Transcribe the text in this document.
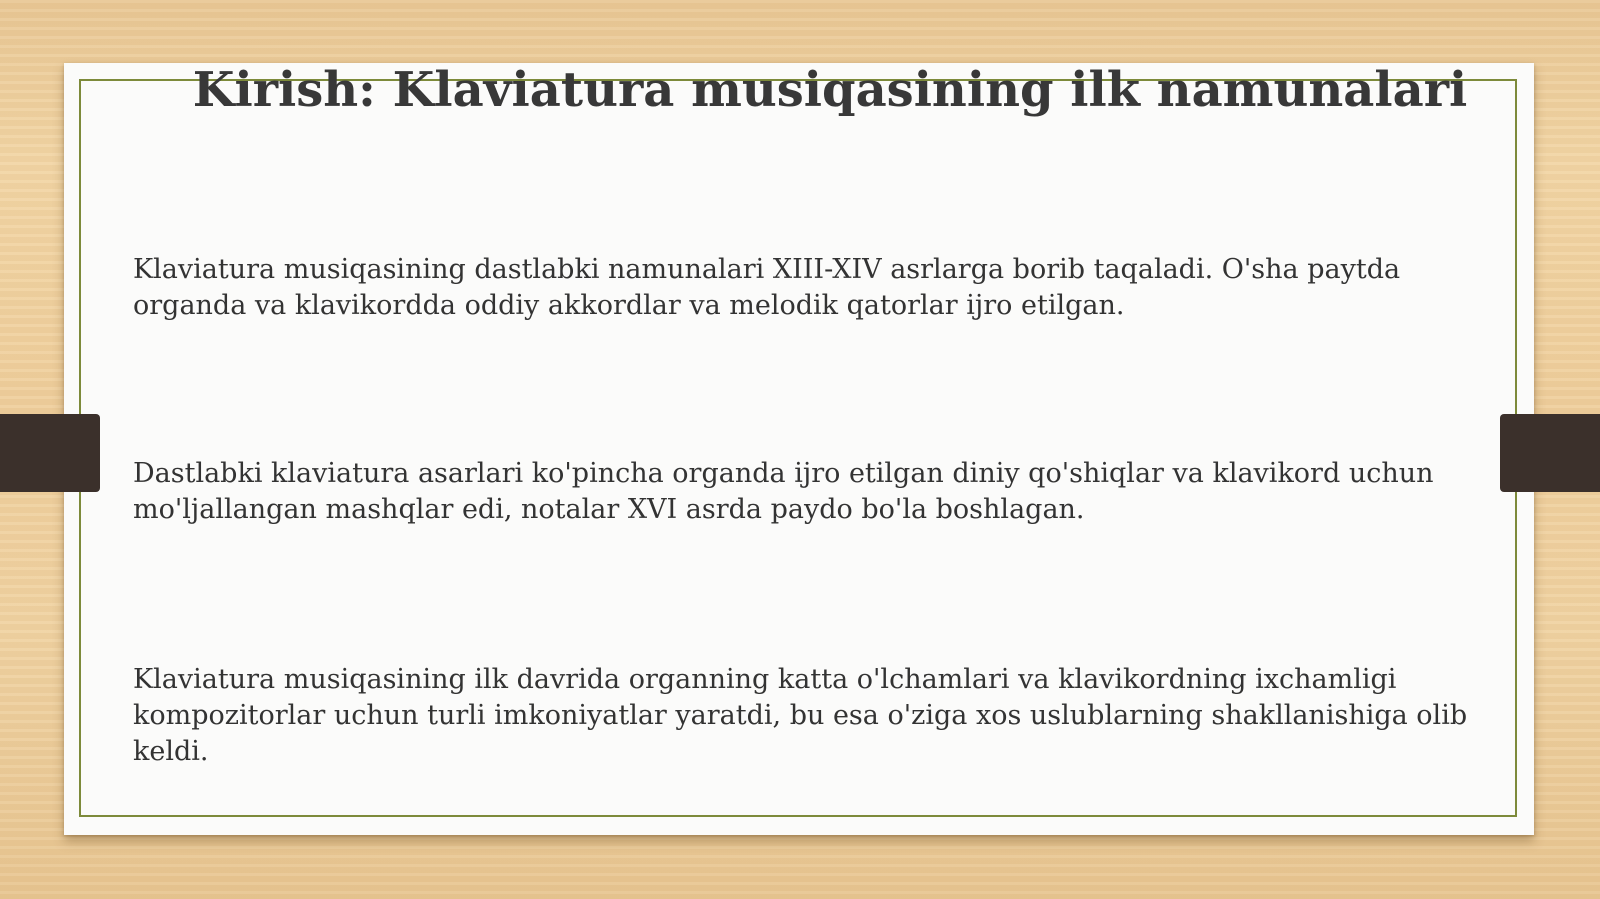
Kirish: Klaviatura musiqasining ilk namunalari

Klaviatura musiqasining dastlabki namunalari XIII-XIV asrlarga borib taqaladi. O'sha paytda organda va klavikordda oddiy akkordlar va melodik qatorlar ijro etilgan.

Dastlabki klaviatura asarlari ko'pincha organda ijro etilgan diniy qo'shiqlar va klavikord uchun mo'ljallangan mashqlar edi, notalar XVI asrda paydo bo'la boshlagan.

Klaviatura musiqasining ilk davrida organning katta o'lchamlari va klavikordning ixchamligi kompozitorlar uchun turli imkoniyatlar yaratdi, bu esa o'ziga xos uslublarning shakllanishiga olib keldi.
